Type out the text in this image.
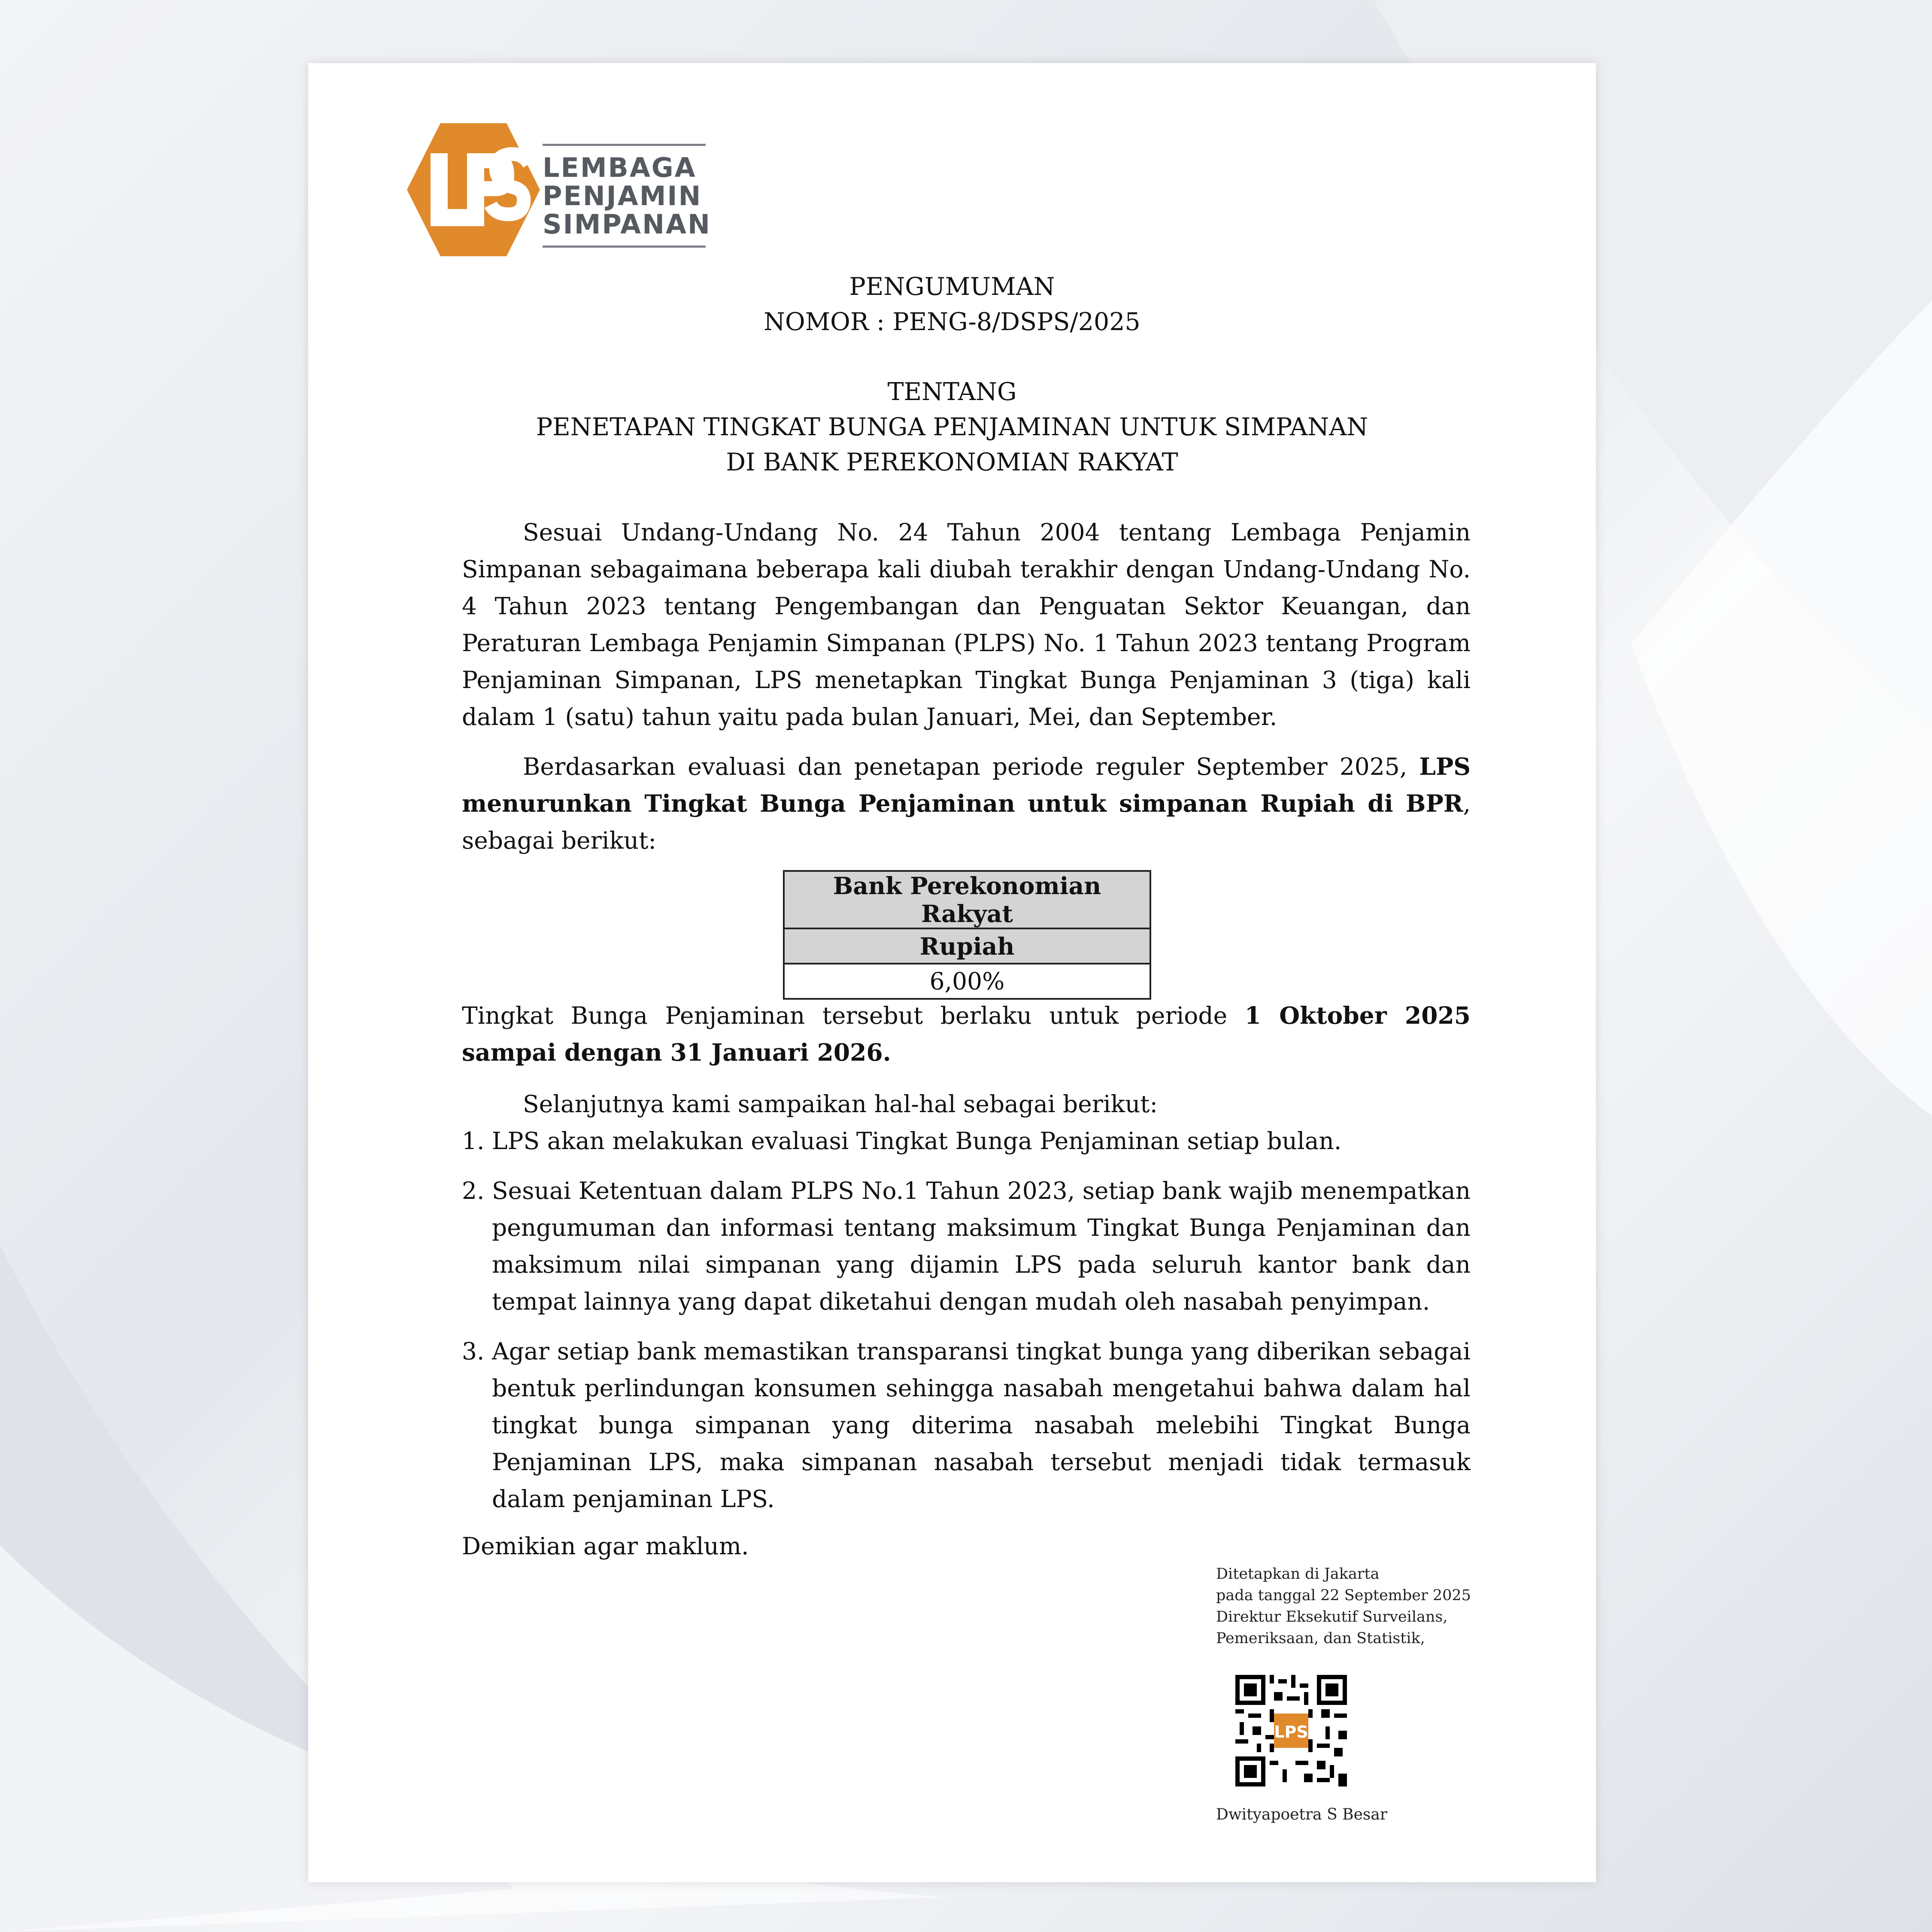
LEMBAGA
PENJAMIN
SIMPANAN
PENGUMUMAN
NOMOR : PENG-8/DSPS/2025
TENTANG
PENETAPAN TINGKAT BUNGA PENJAMINAN UNTUK SIMPANAN
DI BANK PEREKONOMIAN RAKYAT

Sesuai Undang-Undang No. 24 Tahun 2004 tentang Lembaga Penjamin Simpanan sebagaimana beberapa kali diubah terakhir dengan Undang-Undang No. 4 Tahun 2023 tentang Pengembangan dan Penguatan Sektor Keuangan, dan Peraturan Lembaga Penjamin Simpanan (PLPS) No. 1 Tahun 2023 tentang Program Penjaminan Simpanan, LPS menetapkan Tingkat Bunga Penjaminan 3 (tiga) kali dalam 1 (satu) tahun yaitu pada bulan Januari, Mei, dan September.

Berdasarkan evaluasi dan penetapan periode reguler September 2025, LPS menurunkan Tingkat Bunga Penjaminan untuk simpanan Rupiah di BPR, sebagai berikut:

Bank Perekonomian Rakyat
Rupiah
6,00%

Tingkat Bunga Penjaminan tersebut berlaku untuk periode 1 Oktober 2025 sampai dengan 31 Januari 2026.

Selanjutnya kami sampaikan hal-hal sebagai berikut:

1. LPS akan melakukan evaluasi Tingkat Bunga Penjaminan setiap bulan.
2. Sesuai Ketentuan dalam PLPS No.1 Tahun 2023, setiap bank wajib menempatkan pengumuman dan informasi tentang maksimum Tingkat Bunga Penjaminan dan maksimum nilai simpanan yang dijamin LPS pada seluruh kantor bank dan tempat lainnya yang dapat diketahui dengan mudah oleh nasabah penyimpan.
3. Agar setiap bank memastikan transparansi tingkat bunga yang diberikan sebagai bentuk perlindungan konsumen sehingga nasabah mengetahui bahwa dalam hal tingkat bunga simpanan yang diterima nasabah melebihi Tingkat Bunga Penjaminan LPS, maka simpanan nasabah tersebut menjadi tidak termasuk dalam penjaminan LPS.

Demikian agar maklum.

Ditetapkan di Jakarta
pada tanggal 22 September 2025
Direktur Eksekutif Surveilans,
Pemeriksaan, dan Statistik,
LPS
Dwityapoetra S Besar
